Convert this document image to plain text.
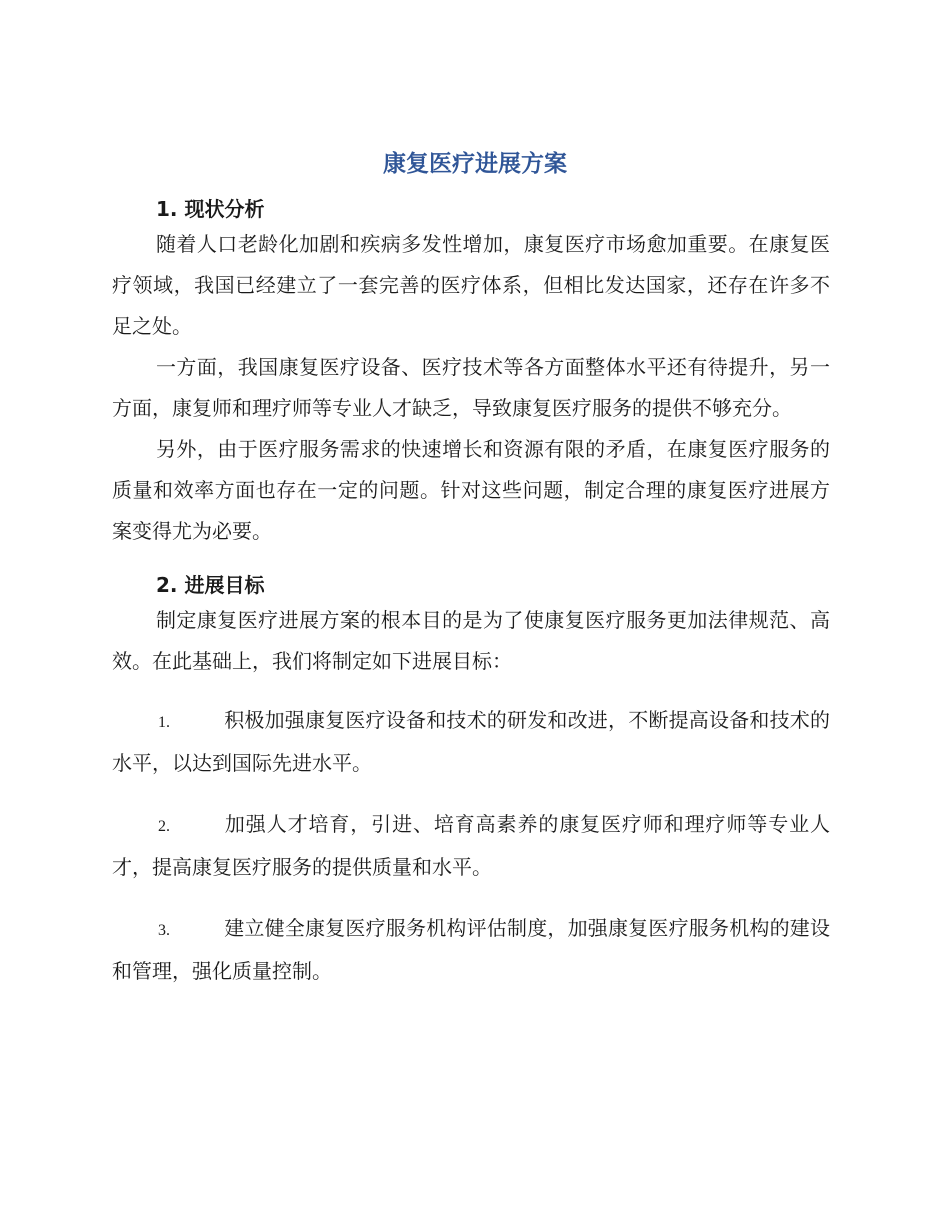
康复医疗进展方案
1. 现状分析

随着人口老龄化加剧和疾病多发性增加，康复医疗市场愈加重要。在康复医疗领域，我国已经建立了一套完善的医疗体系，但相比发达国家，还存在许多不足之处。

一方面，我国康复医疗设备、医疗技术等各方面整体水平还有待提升，另一方面，康复师和理疗师等专业人才缺乏，导致康复医疗服务的提供不够充分。

另外，由于医疗服务需求的快速增长和资源有限的矛盾，在康复医疗服务的质量和效率方面也存在一定的问题。针对这些问题，制定合理的康复医疗进展方案变得尤为必要。

2. 进展目标

制定康复医疗进展方案的根本目的是为了使康复医疗服务更加法律规范、高效。在此基础上，我们将制定如下进展目标：

1.	积极加强康复医疗设备和技术的研发和改进，不断提高设备和技术的水平，以达到国际先进水平。
2.	加强人才培育，引进、培育高素养的康复医疗师和理疗师等专业人才，提高康复医疗服务的提供质量和水平。
3.	建立健全康复医疗服务机构评估制度，加强康复医疗服务机构的建设和管理，强化质量控制。
